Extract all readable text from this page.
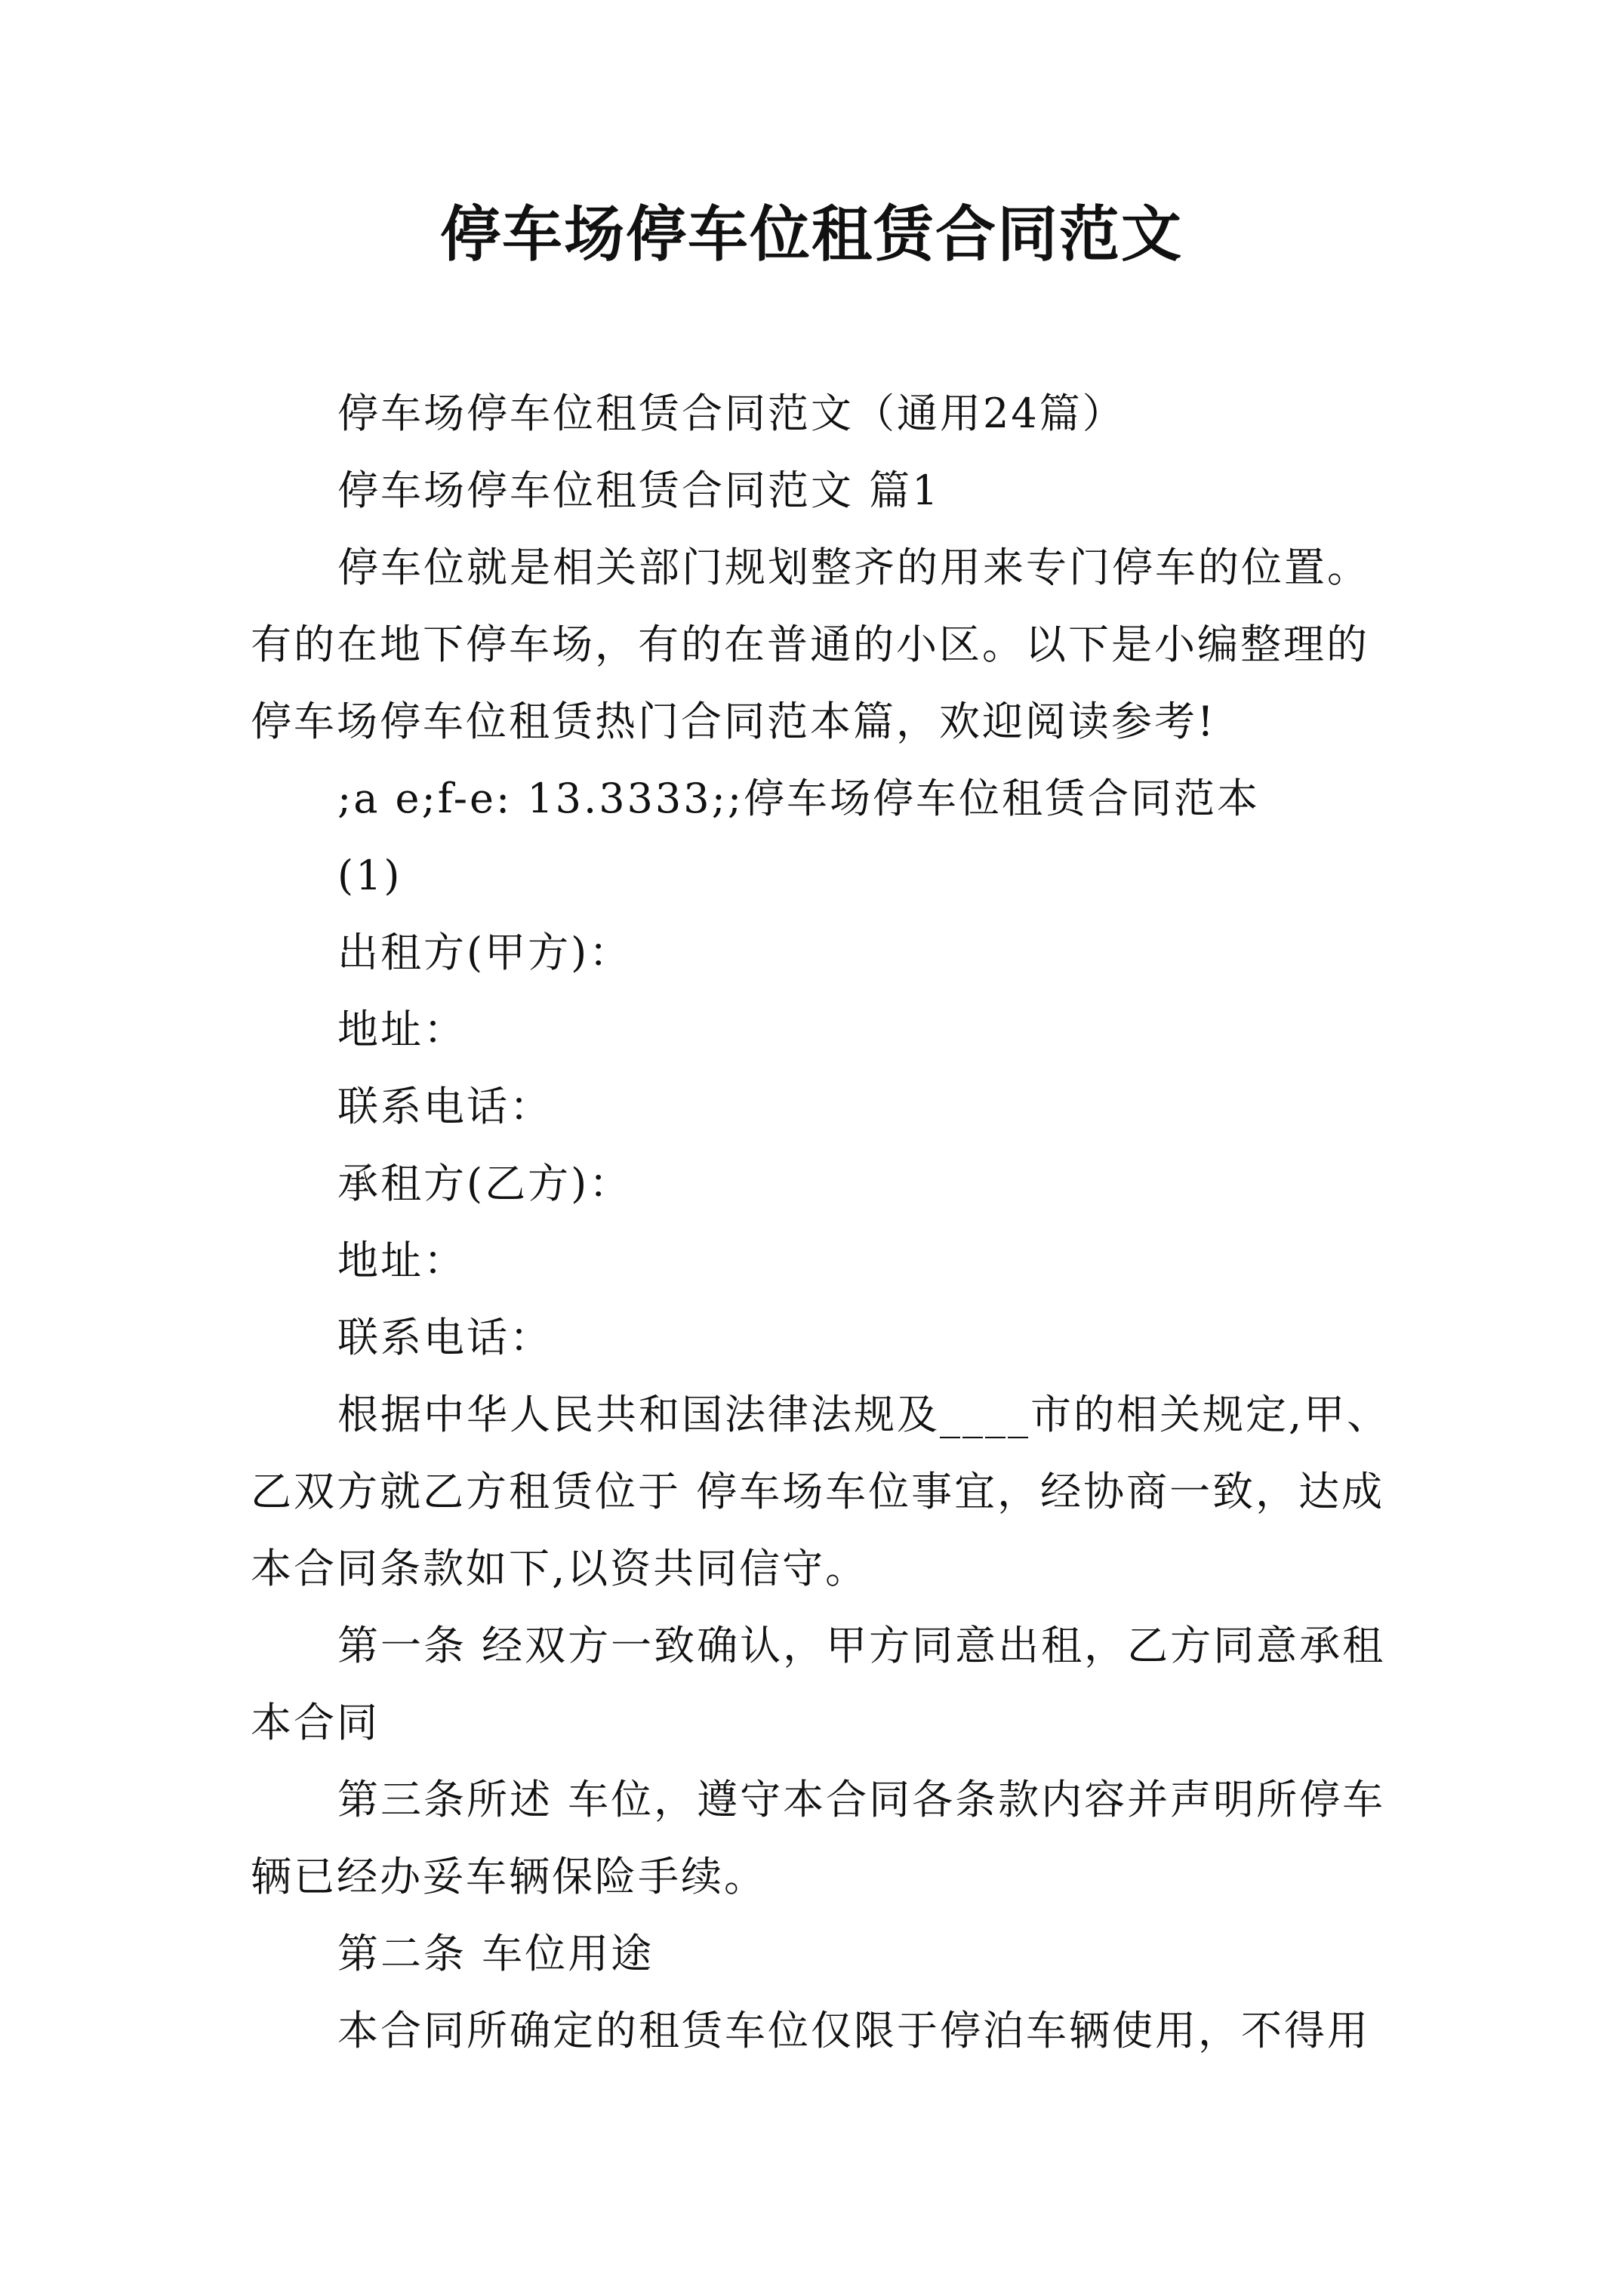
停车场停车位租赁合同范文

停车场停车位租赁合同范文（通用24篇）

停车场停车位租赁合同范文 篇1

停车位就是相关部门规划整齐的用来专门停车的位置。有的在地下停车场，有的在普通的小区。以下是小编整理的停车场停车位租赁热门合同范本篇，欢迎阅读参考!

;a e;f-e: 13.3333;;停车场停车位租赁合同范本

(1)

出租方(甲方)：

地址：

联系电话：

承租方(乙方)：

地址：

联系电话：

根据中华人民共和国法律法规及____市的相关规定,甲、乙双方就乙方租赁位于 停车场车位事宜，经协商一致，达成本合同条款如下,以资共同信守。

第一条 经双方一致确认，甲方同意出租，乙方同意承租本合同

第三条所述 车位，遵守本合同各条款内容并声明所停车辆已经办妥车辆保险手续。

第二条 车位用途

本合同所确定的租赁车位仅限于停泊车辆使用，不得用
